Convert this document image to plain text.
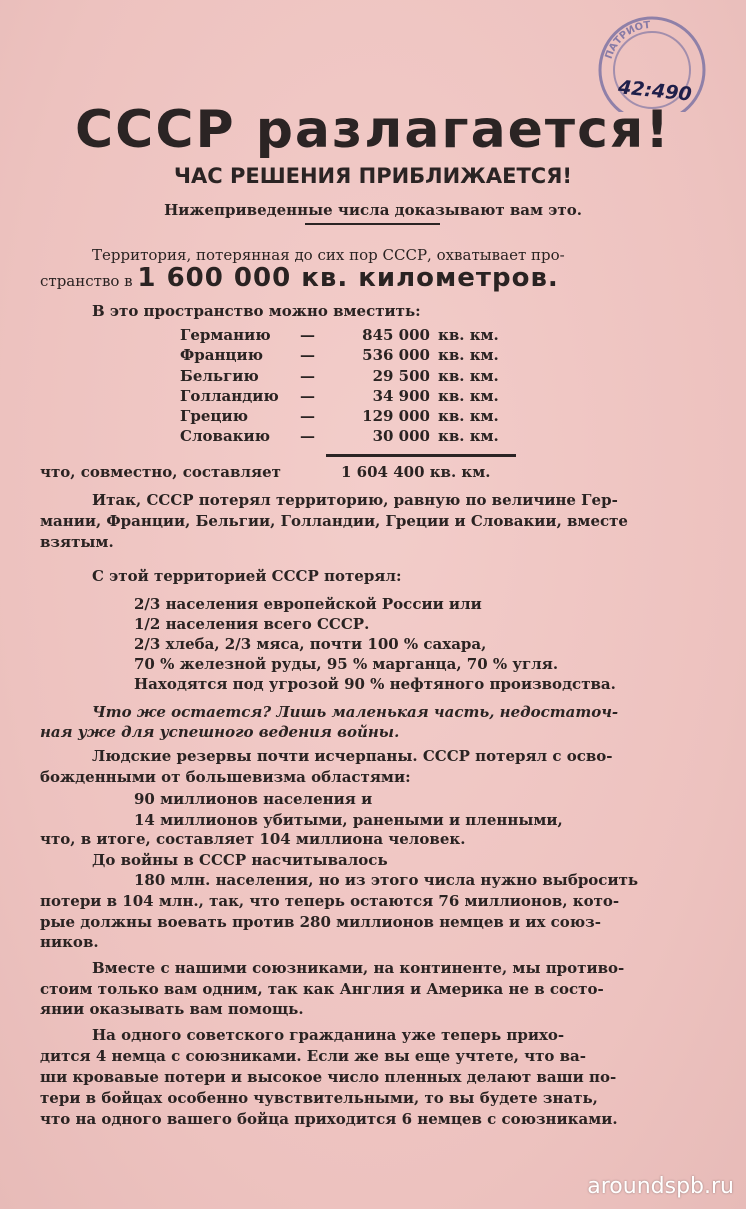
ПАТРИОТ
42:490
СССР разлагается!
ЧАС РЕШЕНИЯ ПРИБЛИЖАЕТСЯ!
Нижеприведенные числа доказывают вам это.
Территория, потерянная до сих пор СССР, охватывает про-
странство в 1 600 000 кв. километров.
В это пространство можно вместить:
Германию —	845 000 кв. км.
Францию —	536 000 кв. км.
Бельгию	—	29 500 кв. км.
Голландию —	34 900 кв. км.
Грецию	—	129 000 кв. км.
Словакию —	30 000 кв. км.
что, совместно, составляет	1 604 400 кв. км.
Итак, СССР потерял территорию, равную по величине Гер-
мании, Франции, Бельгии, Голландии, Греции и Словакии, вместе
взятым.
С этой территорией СССР потерял:
2/3 населения европейской России или
1/2 населения всего СССР.
2/3 хлеба, 2/3 мяса, почти 100 % сахара,
70 % железной руды, 95 % марганца, 70 % угля.
Находятся под угрозой 90 % нефтяного производства.
Что же остается? Лишь маленькая часть, недостаточ-
ная уже для успешного ведения войны.
Людские резервы почти исчерпаны. СССР потерял с осво-
божденными от большевизма областями:
90 миллионов населения и
14 миллионов убитыми, ранеными и пленными,
что, в итоге, составляет 104 миллиона человек.
До войны в СССР насчитывалось
180 млн. населения, но из этого числа нужно выбросить
потери в 104 млн., так, что теперь остаются 76 миллионов, кото-
рые должны воевать против 280 миллионов немцев и их союз-
ников.
Вместе с нашими союзниками, на континенте, мы противо-
стоим только вам одним, так как Англия и Америка не в состо-
янии оказывать вам помощь.
На одного советского гражданина уже теперь прихо-
дится 4 немца с союзниками. Если же вы еще учтете, что ва-
ши кровавые потери и высокое число пленных делают ваши по-
тери в бойцах особенно чувствительными, то вы будете знать,
что на одного вашего бойца приходится 6 немцев с союзниками.
aroundspb.ru
